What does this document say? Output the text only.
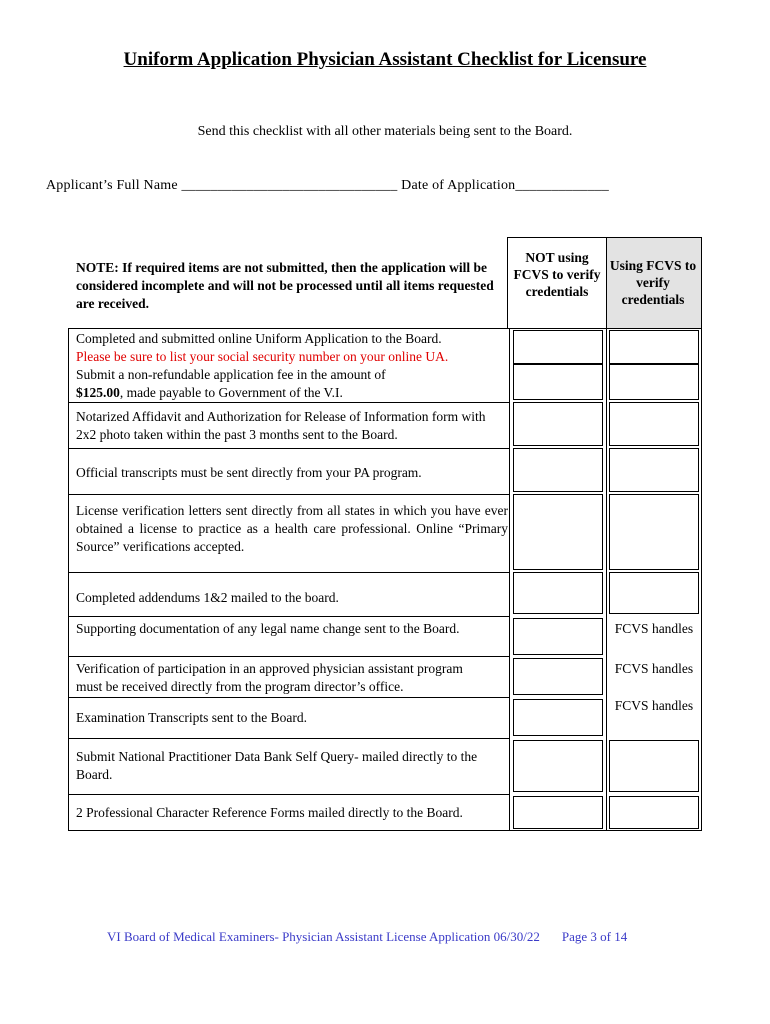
Uniform Application Physician Assistant Checklist for Licensure
Send this checklist with all other materials being sent to the Board.
Applicant’s Full Name ______________________________ Date of Application_____________
NOTE: If required items are not submitted, then the application will be considered incomplete and will not be processed until all items requested are received.
NOT using FCVS to verify credentials
Using FCVS to verify credentials
Completed and submitted online Uniform Application to the Board.
Please be sure to list your social security number on your online UA.
Submit a non-refundable application fee in the amount of
$125.00, made payable to Government of the V.I.
Notarized Affidavit and Authorization for Release of Information form with 2x2 photo taken within the past 3 months sent to the Board.
Official transcripts must be sent directly from your PA program.
License verification letters sent directly from all states in which you have ever obtained a license to practice as a health care professional. Online “Primary Source” verifications accepted.
Completed addendums 1&2 mailed to the board.
Supporting documentation of any legal name change sent to the Board.
Verification of participation in an approved physician assistant program must be received directly from the program director’s office.
Examination Transcripts sent to the Board.
Submit National Practitioner Data Bank Self Query- mailed directly to the Board.
2 Professional Character Reference Forms mailed directly to the Board.
FCVS handles
FCVS handles
FCVS handles
VI Board of Medical Examiners- Physician Assistant License Application 06/30/22 Page 3 of 14
